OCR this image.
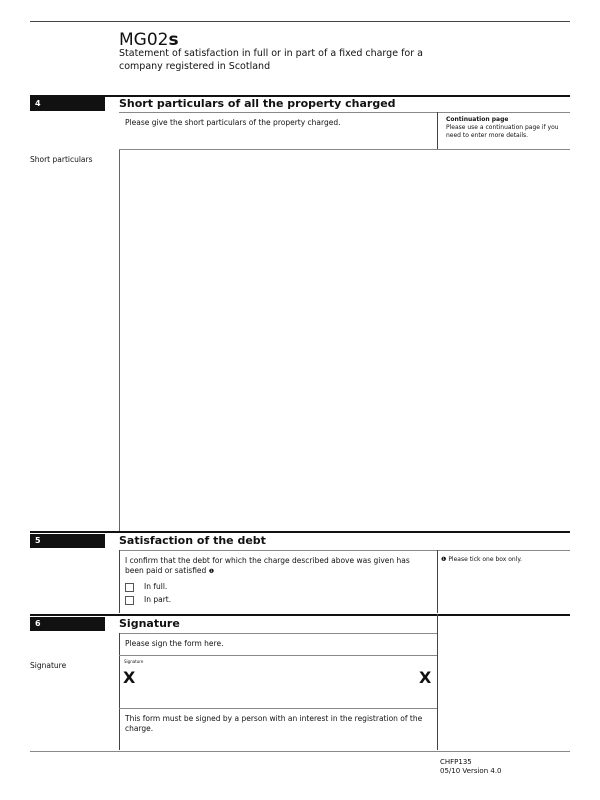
MG02s
Statement of satisfaction in full or in part of a fixed charge for a company registered in Scotland
4	Short particulars of all the property charged
Please give the short particulars of the property charged.	Continuation page
Please use a continuation page if you need to enter more details.
Short particulars
5	Satisfaction of the debt
I confirm that the debt for which the charge described above was given has been paid or satisfied ❶
In full.
In part.
❶ Please tick one box only.
6	Signature
Please sign the form here.
Signature	Signature
X	X
This form must be signed by a person with an interest in the registration of the charge.
CHFP135
05/10 Version 4.0
